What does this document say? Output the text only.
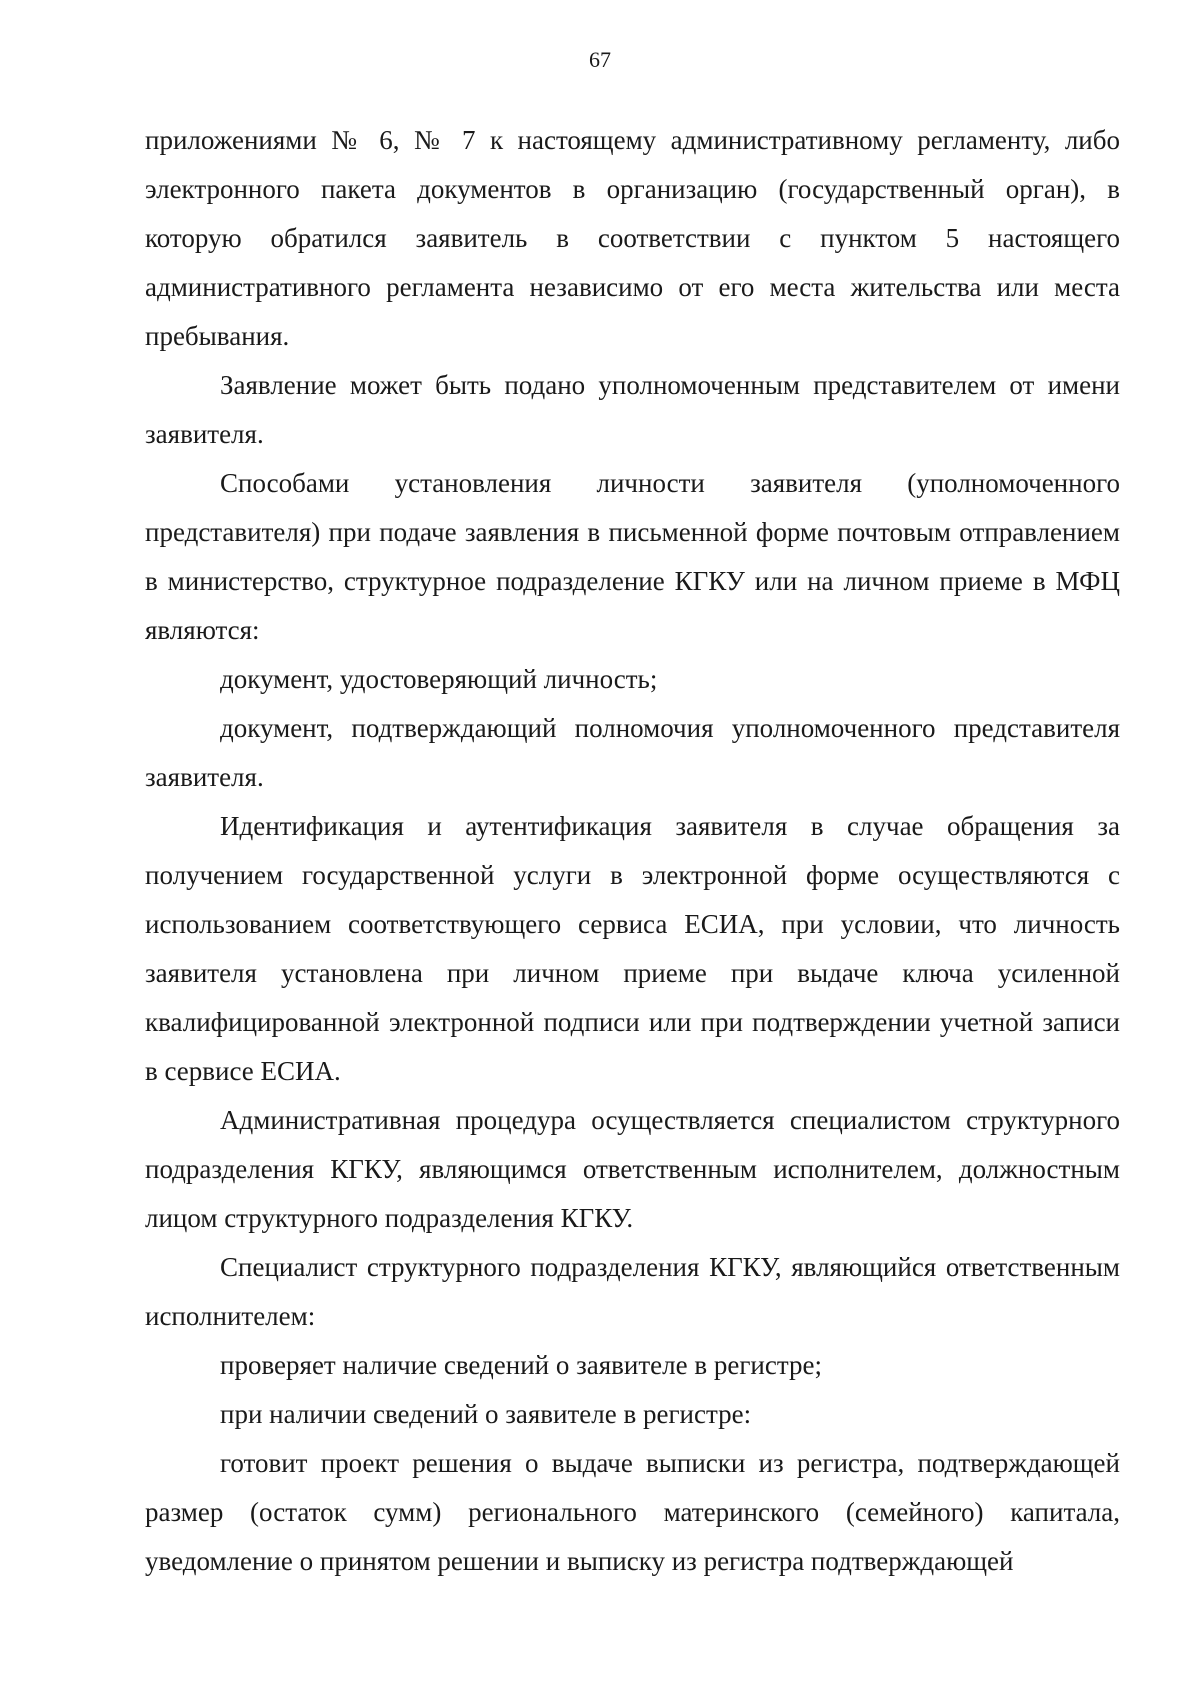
67

приложениями № 6, № 7 к настоящему административному регламенту, либо электронного пакета документов в организацию (государственный орган), в которую обратился заявитель в соответствии с пунктом 5 настоящего административного регламента независимо от его места жительства или места пребывания.

Заявление может быть подано уполномоченным представителем от имени заявителя.

Способами установления личности заявителя (уполномоченного представителя) при подаче заявления в письменной форме почтовым отправлением в министерство, структурное подразделение КГКУ или на личном приеме в МФЦ являются:

документ, удостоверяющий личность;

документ, подтверждающий полномочия уполномоченного представителя заявителя.

Идентификация и аутентификация заявителя в случае обращения за получением государственной услуги в электронной форме осуществляются с использованием соответствующего сервиса ЕСИА, при условии, что личность заявителя установлена при личном приеме при выдаче ключа усиленной квалифицированной электронной подписи или при подтверждении учетной записи в сервисе ЕСИА.

Административная процедура осуществляется специалистом структурного подразделения КГКУ, являющимся ответственным исполнителем, должностным лицом структурного подразделения КГКУ.

Специалист структурного подразделения КГКУ, являющийся ответственным исполнителем:

проверяет наличие сведений о заявителе в регистре;

при наличии сведений о заявителе в регистре:

готовит проект решения о выдаче выписки из регистра, подтверждающей размер (остаток сумм) регионального материнского (семейного) капитала, уведомление о принятом решении и выписку из регистра подтверждающей
